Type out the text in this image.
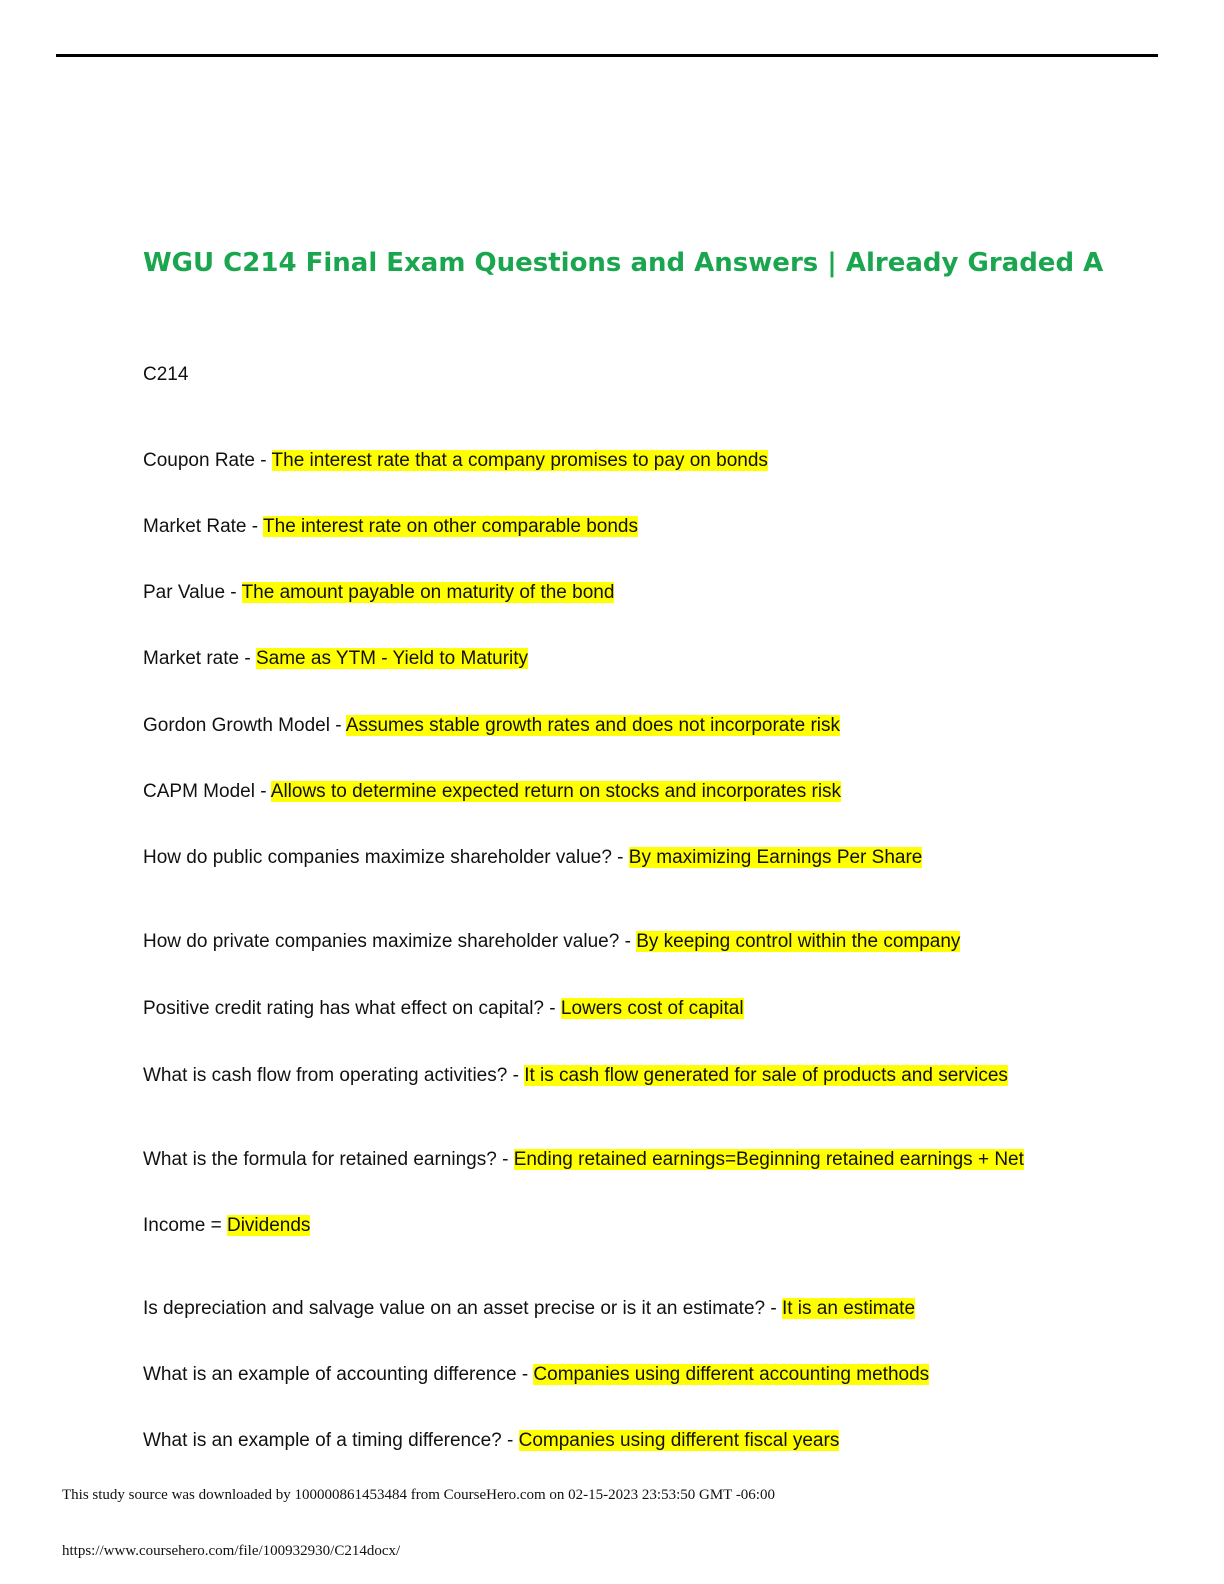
WGU C214 Final Exam Questions and Answers | Already Graded A
C214
Coupon Rate - The interest rate that a company promises to pay on bonds
Market Rate - The interest rate on other comparable bonds
Par Value - The amount payable on maturity of the bond
Market rate - Same as YTM - Yield to Maturity
Gordon Growth Model - Assumes stable growth rates and does not incorporate risk
CAPM Model - Allows to determine expected return on stocks and incorporates risk
How do public companies maximize shareholder value? - By maximizing Earnings Per Share
How do private companies maximize shareholder value? - By keeping control within the company
Positive credit rating has what effect on capital? - Lowers cost of capital
What is cash flow from operating activities? - It is cash flow generated for sale of products and services
What is the formula for retained earnings? - Ending retained earnings=Beginning retained earnings + Net
Income = Dividends
Is depreciation and salvage value on an asset precise or is it an estimate? - It is an estimate
What is an example of accounting difference - Companies using different accounting methods
What is an example of a timing difference? - Companies using different fiscal years
This study source was downloaded by 100000861453484 from CourseHero.com on 02-15-2023 23:53:50 GMT -06:00
https://www.coursehero.com/file/100932930/C214docx/
